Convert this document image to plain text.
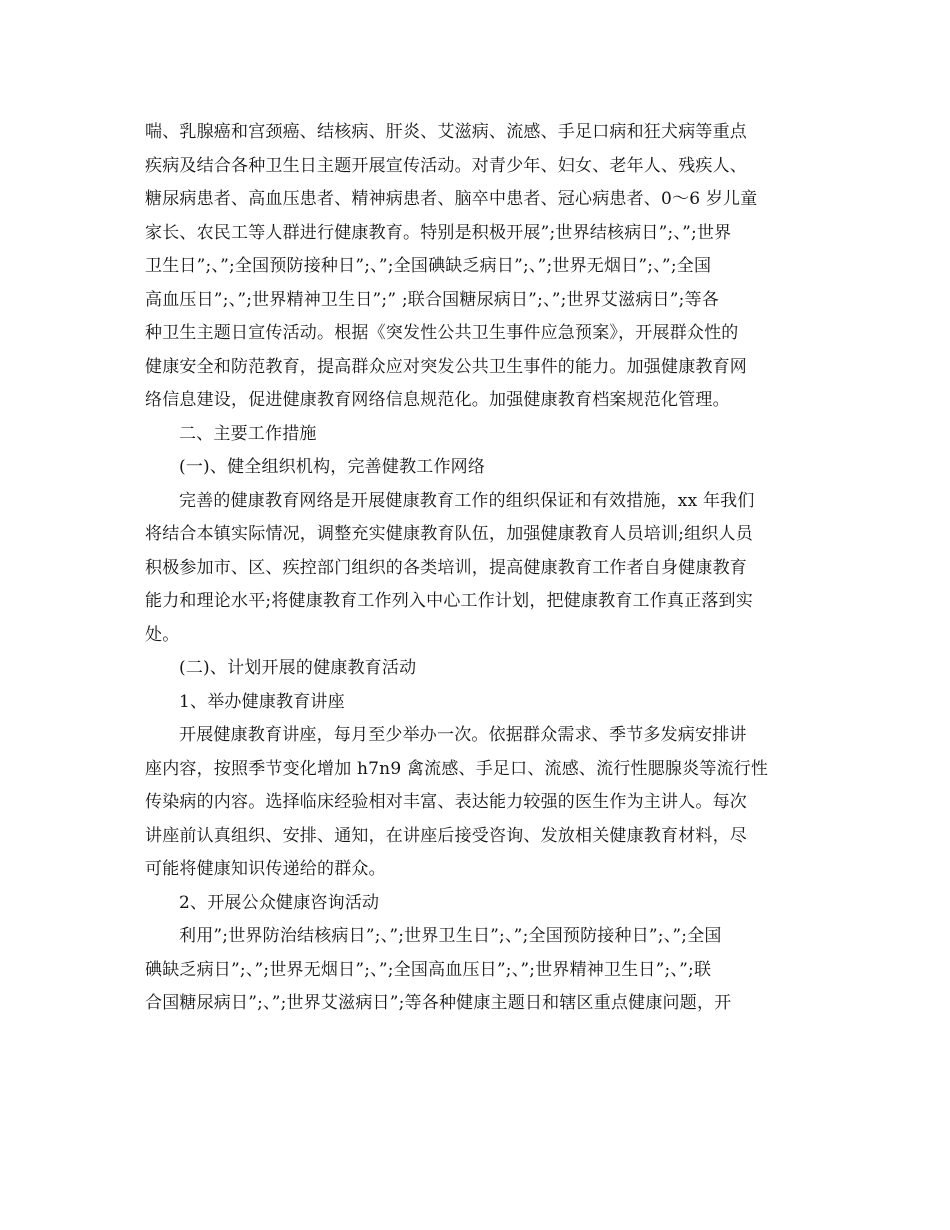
喘、乳腺癌和宫颈癌、结核病、肝炎、艾滋病、流感、手足口病和狂犬病等重点
疾病及结合各种卫生日主题开展宣传活动。对青少年、妇女、老年人、残疾人、
糖尿病患者、高血压患者、精神病患者、脑卒中患者、冠心病患者、0～6 岁儿童
家长、农民工等人群进行健康教育。特别是积极开展”;世界结核病日”;、”;世界
卫生日”;、”;全国预防接种日”;、”;全国碘缺乏病日”;、”;世界无烟日”;、”;全国
高血压日”;、”;世界精神卫生日”;” ;联合国糖尿病日”;、”;世界艾滋病日”;等各
种卫生主题日宣传活动。根据《突发性公共卫生事件应急预案》，开展群众性的
健康安全和防范教育，提高群众应对突发公共卫生事件的能力。加强健康教育网
络信息建设，促进健康教育网络信息规范化。加强健康教育档案规范化管理。

二、主要工作措施

(一)、健全组织机构，完善健教工作网络

完善的健康教育网络是开展健康教育工作的组织保证和有效措施，xx 年我们
将结合本镇实际情况，调整充实健康教育队伍，加强健康教育人员培训;组织人员
积极参加市、区、疾控部门组织的各类培训，提高健康教育工作者自身健康教育
能力和理论水平;将健康教育工作列入中心工作计划，把健康教育工作真正落到实
处。

(二)、计划开展的健康教育活动

1、举办健康教育讲座

开展健康教育讲座，每月至少举办一次。依据群众需求、季节多发病安排讲
座内容，按照季节变化增加 h7n9 禽流感、手足口、流感、流行性腮腺炎等流行性
传染病的内容。选择临床经验相对丰富、表达能力较强的医生作为主讲人。每次
讲座前认真组织、安排、通知，在讲座后接受咨询、发放相关健康教育材料，尽
可能将健康知识传递给的群众。

2、开展公众健康咨询活动

利用”;世界防治结核病日”;、”;世界卫生日”;、”;全国预防接种日”;、”;全国
碘缺乏病日”;、”;世界无烟日”;、”;全国高血压日”;、”;世界精神卫生日”;、”;联
合国糖尿病日”;、”;世界艾滋病日”;等各种健康主题日和辖区重点健康问题，开
